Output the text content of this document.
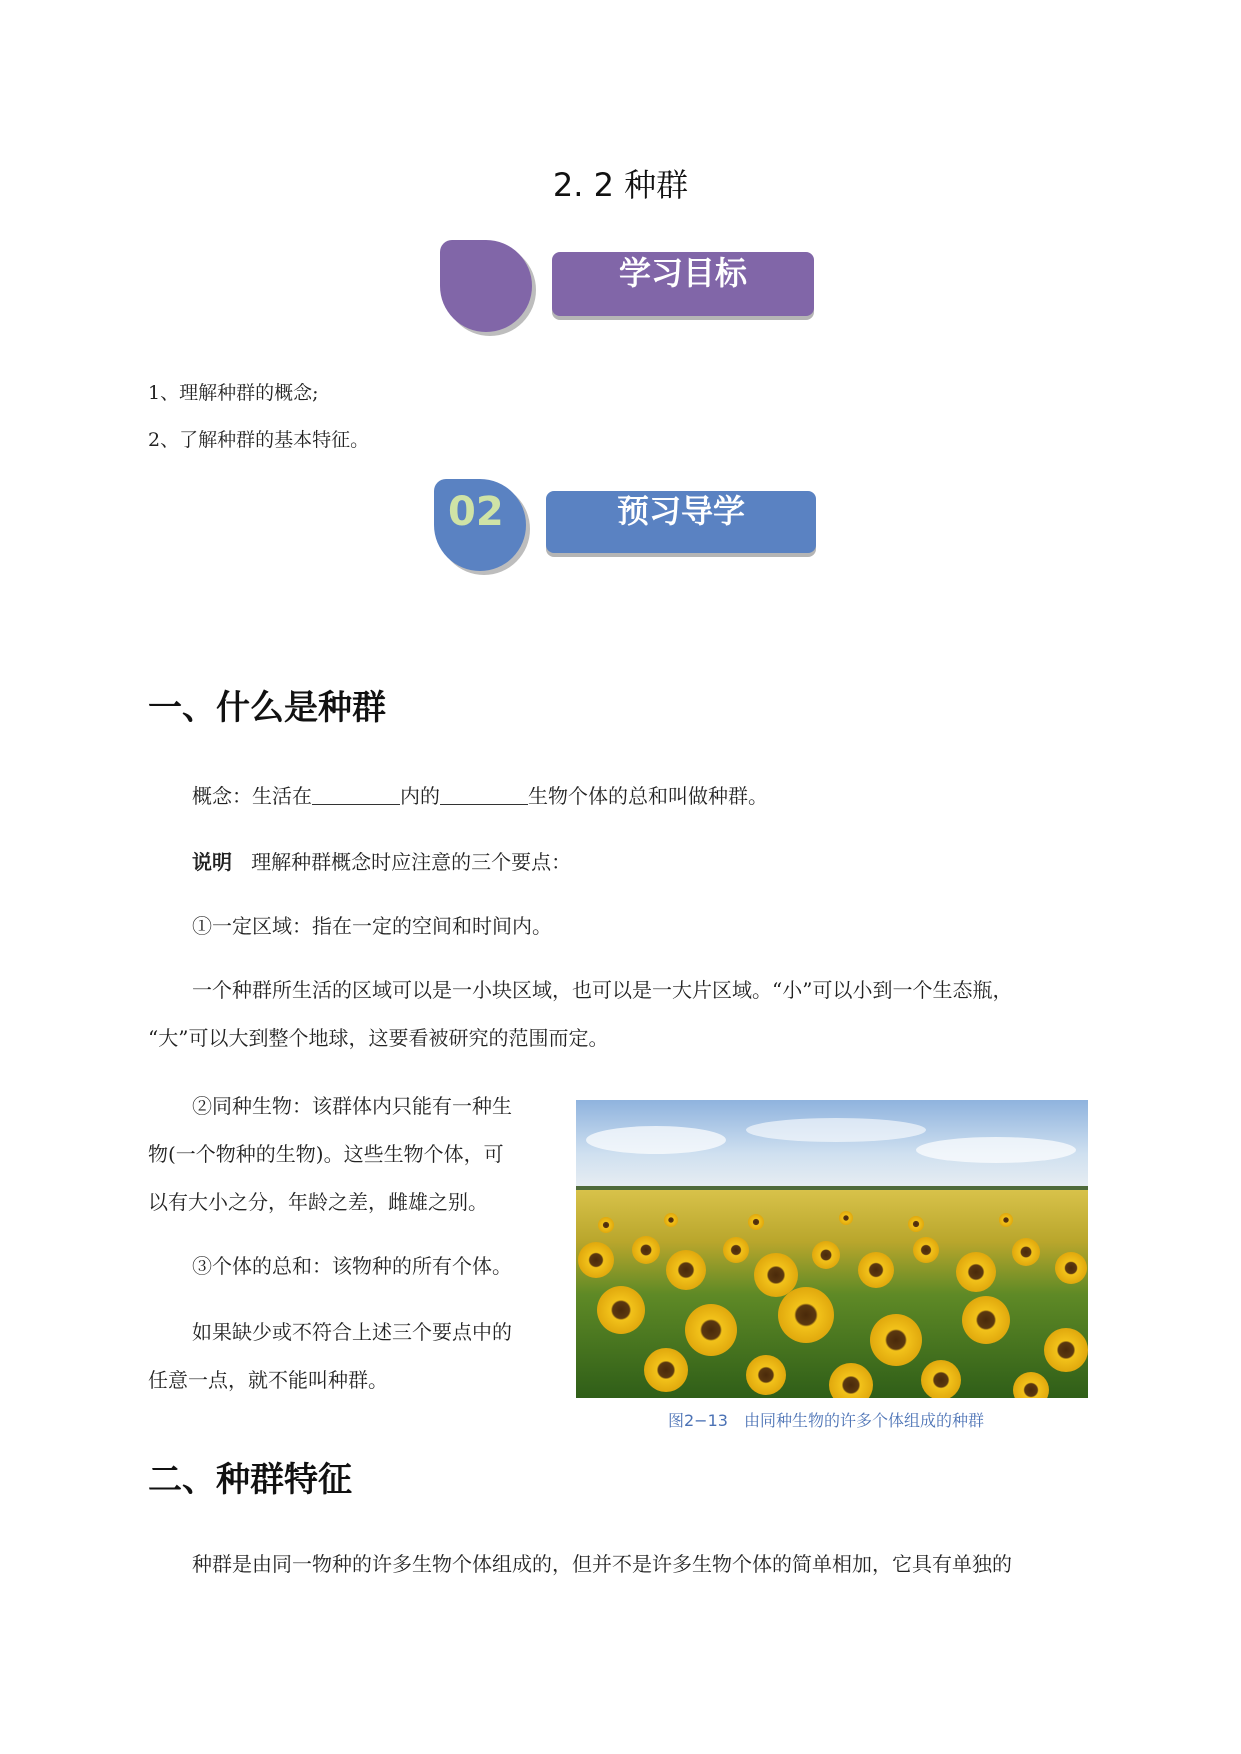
2. 2 种群
学习目标
1、理解种群的概念;
2、了解种群的基本特征。
02	预习导学
一、什么是种群
概念：生活在	内的	生物个体的总和叫做种群。
说明 理解种群概念时应注意的三个要点：
①一定区域：指在一定的空间和时间内。
一个种群所生活的区域可以是一小块区域，也可以是一大片区域。“小”可以小到一个生态瓶，
“大”可以大到整个地球，这要看被研究的范围而定。
②同种生物：该群体内只能有一种生
物(一个物种的生物)。这些生物个体，可
以有大小之分，年龄之差，雌雄之别。
③个体的总和：该物种的所有个体。
如果缺少或不符合上述三个要点中的
任意一点，就不能叫种群。
图2−13　由同种生物的许多个体组成的种群
二、种群特征
种群是由同一物种的许多生物个体组成的，但并不是许多生物个体的简单相加，它具有单独的
